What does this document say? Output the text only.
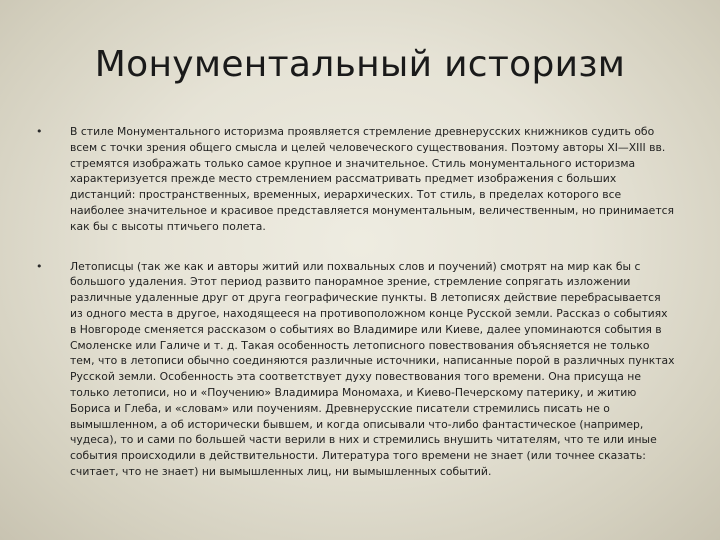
Монументальный историзм
•	В стиле Монументального историзма проявляется стремление древнерусских книжников судить обо всем с точки зрения общего смысла и целей человеческого существования. Поэтому авторы XI—XIII вв. стремятся изображать только самое крупное и значительное. Стиль монументального историзма характеризуется прежде место стремлением рассматривать предмет изображения с больших дистанций: пространственных, временных, иерархических. Тот стиль, в пределах которого все наиболее значительное и красивое представляется монументальным, величественным, но принимается как бы с высоты птичьего полета.
•	Летописцы (так же как и авторы житий или похвальных слов и поучений) смотрят на мир как бы с большого удаления. Этот период развито панорамное зрение, стремление сопрягать изложении различные удаленные друг от друга географические пункты. В летописях действие перебрасывается из одного места в другое, находящееся на противоположном конце Русской земли. Рассказ о событиях в Новгороде сменяется рассказом о событиях во Владимире или Киеве, далее упоминаются события в Смоленске или Галиче и т. д. Такая особенность летописного повествования объясняется не только тем, что в летописи обычно соединяются различные источники, написанные порой в различных пунктах Русской земли. Особенность эта соответствует духу повествования того времени. Она присуща не только летописи, но и «Поучению» Владимира Мономаха, и Киево-Печерскому патерику, и житию Бориса и Глеба, и «словам» или поучениям. Древнерусские писатели стремились писать не о вымышленном, а об исторически бывшем, и когда описывали что-либо фантастическое (например, чудеса), то и сами по большей части верили в них и стремились внушить читателям, что те или иные события происходили в действительности. Литература того времени не знает (или точнее сказать: считает, что не знает) ни вымышленных лиц, ни вымышленных событий.
